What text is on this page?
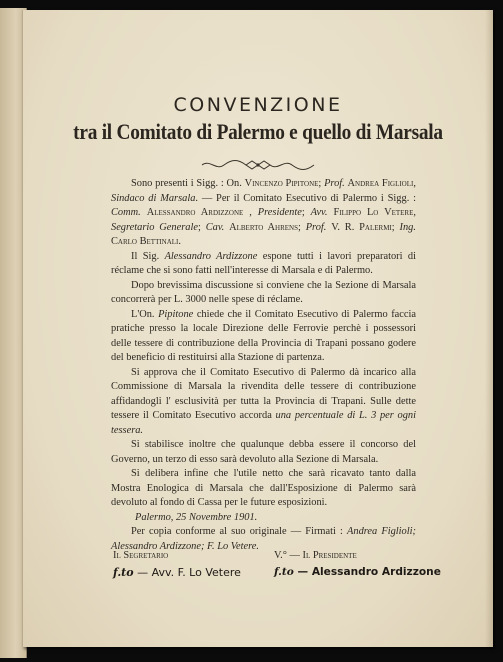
CONVENZIONE
tra il Comitato di Palermo e quello di Marsala

Sono presenti i Sigg. : On. Vincenzo Pipitone; Prof. Andrea Figlioli, Sindaco di Marsala. — Per il Comitato Esecutivo di Palermo i Sigg. : Comm. Alessandro Ardizzone , Presidente; Avv. Filippo Lo Vetere, Segretario Generale; Cav. Alberto Ahrens; Prof. V. R. Palermi; Ing. Carlo Bettinali.

Il Sig. Alessandro Ardizzone espone tutti i lavori preparatori di réclame che si sono fatti nell'interesse di Marsala e di Palermo.

Dopo brevissima discussione si conviene che la Sezione di Marsala concorrerà per L. 3000 nelle spese di réclame.

L'On. Pipitone chiede che il Comitato Esecutivo di Palermo faccia pratiche presso la locale Direzione delle Ferrovie perchè i possessori delle tessere di contribuzione della Provincia di Trapani possano godere del beneficio di restituirsi alla Stazione di partenza.

Si approva che il Comitato Esecutivo di Palermo dà incarico alla Commissione di Marsala la rivendita delle tessere di contribuzione affidandogli l' esclusività per tutta la Provincia di Trapani. Sulle dette tessere il Comitato Esecutivo accorda una percentuale di L. 3 per ogni tessera.

Si stabilisce inoltre che qualunque debba essere il concorso del Governo, un terzo di esso sarà devoluto alla Sezione di Marsala.

Si delibera infine che l'utile netto che sarà ricavato tanto dalla Mostra Enologica di Marsala che dall'Esposizione di Palermo sarà devoluto al fondo di Cassa per le future esposizioni.

Palermo, 25 Novembre 1901.

Per copia conforme al suo originale — Firmati : Andrea Figlioli; Alessandro Ardizzone; F. Lo Vetere.

Il Segretario
f.to — Avv. F. Lo Vetere
V.° — Il Presidente
f.to — Alessandro Ardizzone
